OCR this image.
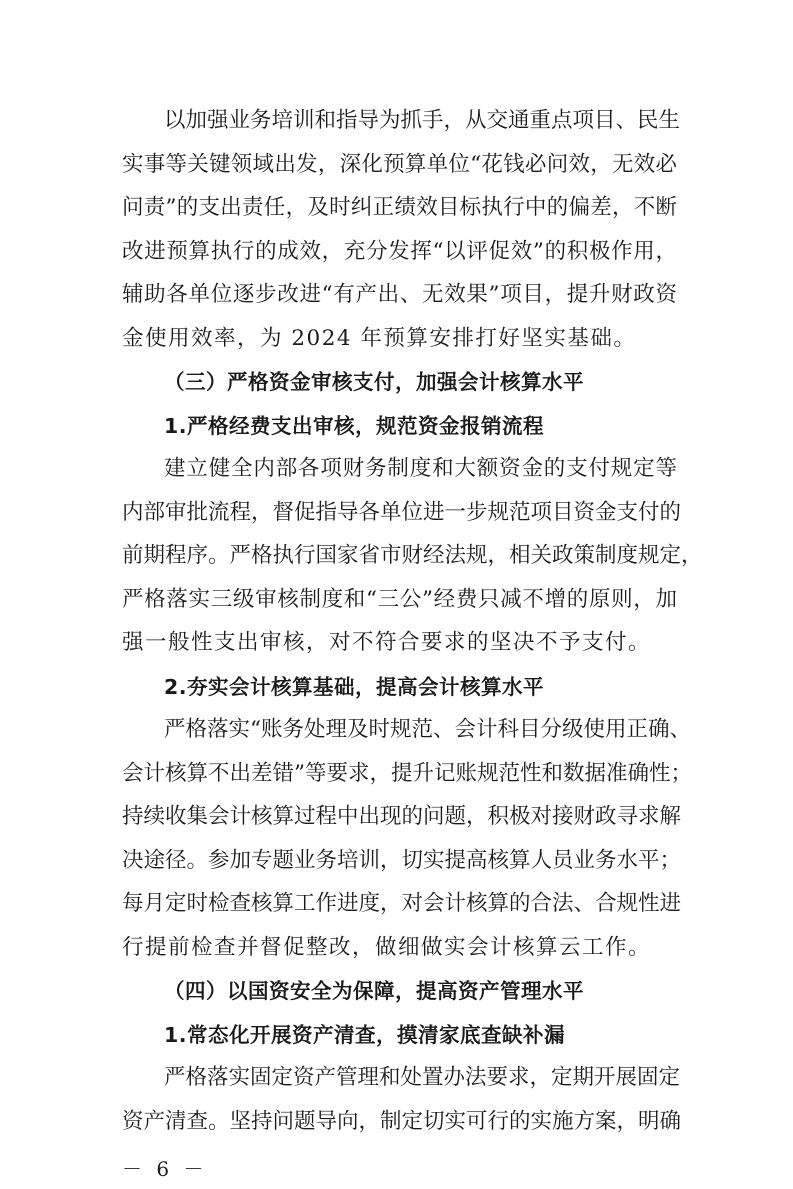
以加强业务培训和指导为抓手，从交通重点项目、民生
实事等关键领域出发，深化预算单位“花钱必问效，无效必
问责”的支出责任，及时纠正绩效目标执行中的偏差，不断
改进预算执行的成效，充分发挥“以评促效”的积极作用，
辅助各单位逐步改进“有产出、无效果”项目，提升财政资
金使用效率，为 2024 年预算安排打好坚实基础。
（三）严格资金审核支付，加强会计核算水平
1.严格经费支出审核，规范资金报销流程
建立健全内部各项财务制度和大额资金的支付规定等
内部审批流程，督促指导各单位进一步规范项目资金支付的
前期程序。严格执行国家省市财经法规，相关政策制度规定，
严格落实三级审核制度和“三公”经费只减不增的原则，加
强一般性支出审核，对不符合要求的坚决不予支付。
2.夯实会计核算基础，提高会计核算水平
严格落实“账务处理及时规范、会计科目分级使用正确、
会计核算不出差错”等要求，提升记账规范性和数据准确性；
持续收集会计核算过程中出现的问题，积极对接财政寻求解
决途径。参加专题业务培训，切实提高核算人员业务水平；
每月定时检查核算工作进度，对会计核算的合法、合规性进
行提前检查并督促整改，做细做实会计核算云工作。
（四）以国资安全为保障，提高资产管理水平
1.常态化开展资产清查，摸清家底查缺补漏
严格落实固定资产管理和处置办法要求，定期开展固定
资产清查。坚持问题导向，制定切实可行的实施方案，明确
－ 6 －
